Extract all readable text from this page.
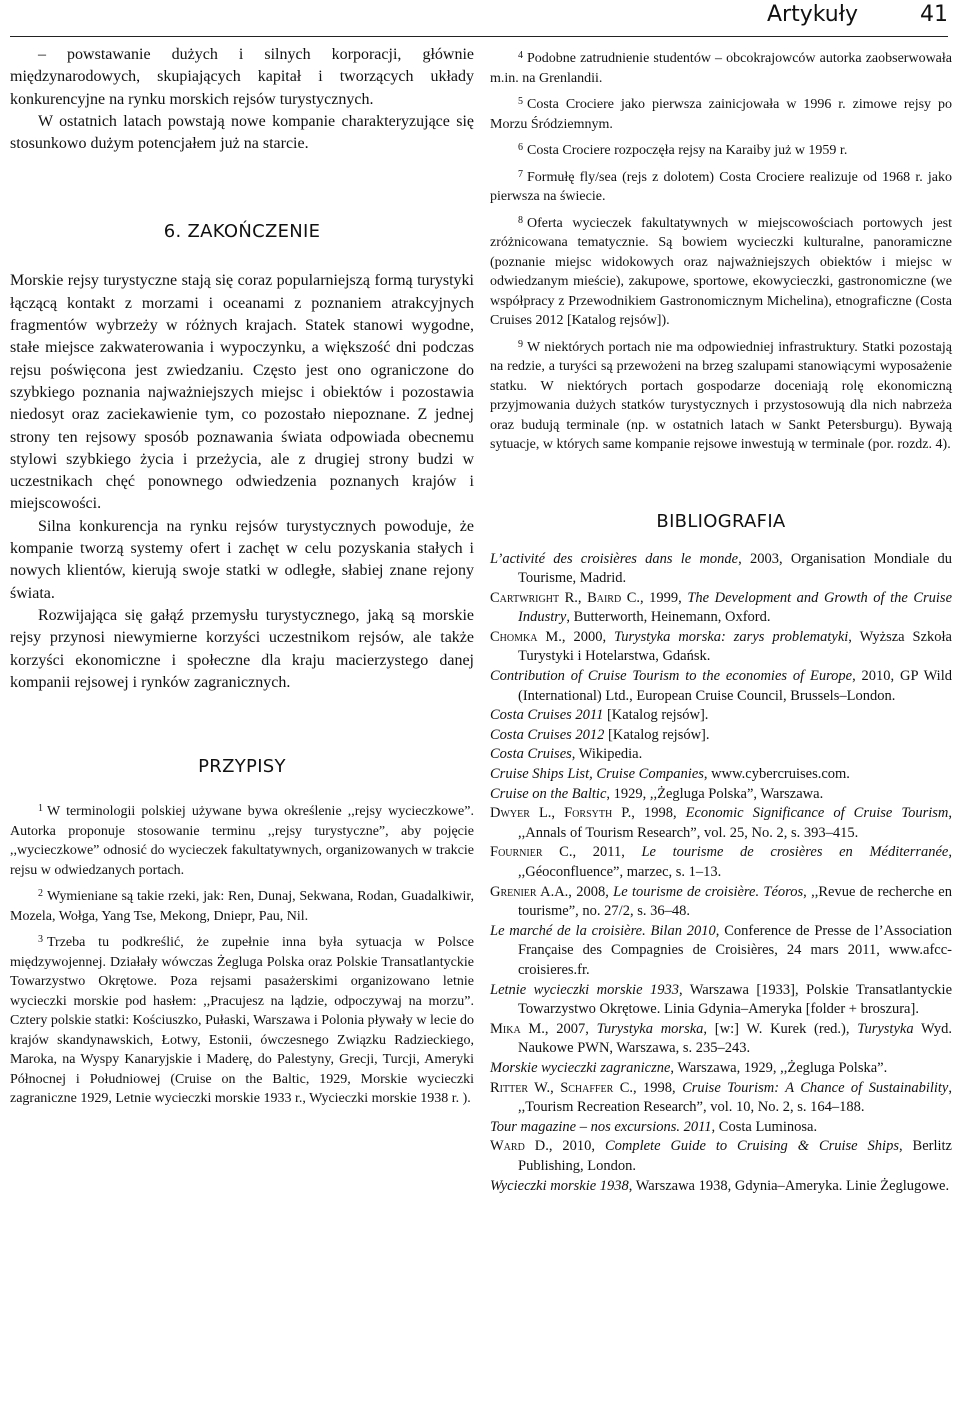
Artykuły	41

– powstawanie dużych i silnych korporacji, głównie międzynarodowych, skupiających kapitał i tworzących układy konkurencyjne na rynku morskich rejsów turystycznych.

W ostatnich latach powstają nowe kompanie charakteryzujące się stosunkowo dużym potencjałem już na starcie.

6. ZAKOŃCZENIE

Morskie rejsy turystyczne stają się coraz popularniejszą formą turystyki łączącą kontakt z morzami i oceanami z poznaniem atrakcyjnych fragmentów wybrzeży w różnych krajach. Statek stanowi wygodne, stałe miejsce zakwaterowania i wypoczynku, a większość dni podczas rejsu poświęcona jest zwiedzaniu. Często jest ono ograniczone do szybkiego poznania najważniejszych miejsc i obiektów i pozostawia niedosyt oraz zaciekawienie tym, co pozostało niepoznane. Z jednej strony ten rejsowy sposób poznawania świata odpowiada obecnemu stylowi szybkiego życia i przeżycia, ale z drugiej strony budzi w uczestnikach chęć ponownego odwiedzenia poznanych krajów i miejscowości.

Silna konkurencja na rynku rejsów turystycznych powoduje, że kompanie tworzą systemy ofert i zachęt w celu pozyskania stałych i nowych klientów, kierują swoje statki w odległe, słabiej znane rejony świata.

Rozwijająca się gałąź przemysłu turystycznego, jaką są morskie rejsy przynosi niewymierne korzyści uczestnikom rejsów, ale także korzyści ekonomiczne i społeczne dla kraju macierzystego danej kompanii rejsowej i rynków zagranicznych.

PRZYPISY

$^1$ W terminologii polskiej używane bywa określenie ,,rejsy wycieczkowe”. Autorka proponuje stosowanie terminu ,,rejsy turystyczne”, aby pojęcie ,,wycieczkowe” odnosić do wycieczek fakultatywnych, organizowanych w trakcie rejsu w odwiedzanych portach.

$^2$ Wymieniane są takie rzeki, jak: Ren, Dunaj, Sekwana, Rodan, Guadalkiwir, Mozela, Wołga, Yang Tse, Mekong, Dniepr, Pau, Nil.

$^3$ Trzeba tu podkreślić, że zupełnie inna była sytuacja w Polsce międzywojennej. Działały wówczas Żegluga Polska oraz Polskie Transatlantyckie Towarzystwo Okrętowe. Poza rejsami pasażerskimi organizowano letnie wycieczki morskie pod hasłem: ,,Pracujesz na lądzie, odpoczywaj na morzu”. Cztery polskie statki: Kościuszko, Pułaski, Warszawa i Polonia pływały w lecie do krajów skandynawskich, Łotwy, Estonii, ówczesnego Związku Radzieckiego, Maroka, na Wyspy Kanaryjskie i Maderę, do Palestyny, Grecji, Turcji, Ameryki Północnej i Południowej (Cruise on the Baltic, 1929, Morskie wycieczki zagraniczne 1929, Letnie wycieczki morskie 1933 r., Wycieczki morskie 1938 r. ).

$^4$ Podobne zatrudnienie studentów – obcokrajowców autorka zaobserwowała m.in. na Grenlandii.

$^5$ Costa Crociere jako pierwsza zainicjowała w 1996 r. zimowe rejsy po Morzu Śródziemnym.

$^6$ Costa Crociere rozpoczęła rejsy na Karaiby już w 1959 r.

$^7$ Formułę fly/sea (rejs z dolotem) Costa Crociere realizuje od 1968 r. jako pierwsza na świecie.

$^8$ Oferta wycieczek fakultatywnych w miejscowościach portowych jest zróżnicowana tematycznie. Są bowiem wycieczki kulturalne, panoramiczne (poznanie miejsc widokowych oraz najważniejszych obiektów i miejsc w odwiedzanym mieście), zakupowe, sportowe, ekowycieczki, gastronomiczne (we współpracy z Przewodnikiem Gastronomicznym Michelina), etnograficzne (Costa Cruises 2012 [Katalog rejsów]).

$^9$ W niektórych portach nie ma odpowiedniej infrastruktury. Statki pozostają na redzie, a turyści są przewożeni na brzeg szalupami stanowiącymi wyposażenie statku. W niektórych portach gospodarze doceniają rolę ekonomiczną przyjmowania dużych statków turystycznych i przystosowują dla nich nabrzeża oraz budują terminale (np. w ostatnich latach w Sankt Petersburgu). Bywają sytuacje, w których same kompanie rejsowe inwestują w terminale (por. rozdz. 4).

BIBLIOGRAFIA

L’activité des croisières dans le monde, 2003, Organisation Mondiale du Tourisme, Madrid.

Cartwright R., Baird C., 1999, The Development and Growth of the Cruise Industry, Butterworth, Heinemann, Oxford.

Chomka M., 2000, Turystyka morska: zarys problematyki, Wyższa Szkoła Turystyki i Hotelarstwa, Gdańsk.

Contribution of Cruise Tourism to the economies of Europe, 2010, GP Wild (International) Ltd., European Cruise Council, Brussels–London.

Costa Cruises 2011 [Katalog rejsów].

Costa Cruises 2012 [Katalog rejsów].

Costa Cruises, Wikipedia.

Cruise Ships List, Cruise Companies, www.cybercruises.com.

Cruise on the Baltic, 1929, ,,Żegluga Polska”, Warszawa.

Dwyer L., Forsyth P., 1998, Economic Significance of Cruise Tourism, ,,Annals of Tourism Research”, vol. 25, No. 2, s. 393–415.

Fournier C., 2011, Le tourisme de crosières en Méditerranée, ,,Géoconfluence”, marzec, s. 1–13.

Grenier A.A., 2008, Le tourisme de croisière. Téoros, ,,Revue de recherche en tourisme”, no. 27/2, s. 36–48.

Le marché de la croisière. Bilan 2010, Conference de Presse de l’Association Française des Compagnies de Croisières, 24 mars 2011, www.afcc-croisieres.fr.

Letnie wycieczki morskie 1933, Warszawa [1933], Polskie Transatlantyckie Towarzystwo Okrętowe. Linia Gdynia–Ameryka [folder + broszura].

Mika M., 2007, Turystyka morska, [w:] W. Kurek (red.), Turystyka Wyd. Naukowe PWN, Warszawa, s. 235–243.

Morskie wycieczki zagraniczne, Warszawa, 1929, ,,Żegluga Polska”.

Ritter W., Schaffer C., 1998, Cruise Tourism: A Chance of Sustainability, ,,Tourism Recreation Research”, vol. 10, No. 2, s. 164–188.

Tour magazine – nos excursions. 2011, Costa Luminosa.

Ward D., 2010, Complete Guide to Cruising & Cruise Ships, Berlitz Publishing, London.

Wycieczki morskie 1938, Warszawa 1938, Gdynia–Ameryka. Linie Żeglugowe.
